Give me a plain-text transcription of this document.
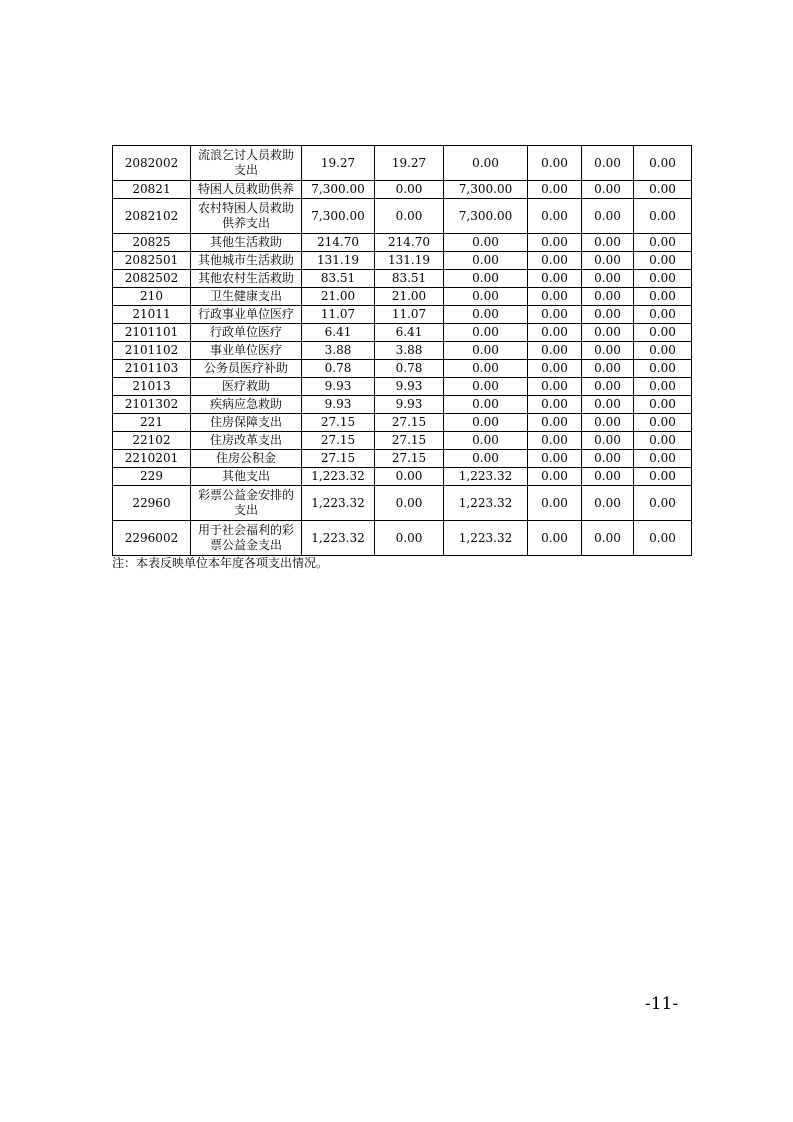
2082002	流浪乞讨人员救助支出	19.27	19.27	0.00	0.00	0.00	0.00
20821	特困人员救助供养	7,300.00	0.00	7,300.00	0.00	0.00	0.00
2082102	农村特困人员救助供养支出	7,300.00	0.00	7,300.00	0.00	0.00	0.00
20825	其他生活救助	214.70	214.70	0.00	0.00	0.00	0.00
2082501	其他城市生活救助	131.19	131.19	0.00	0.00	0.00	0.00
2082502	其他农村生活救助	83.51	83.51	0.00	0.00	0.00	0.00
210	卫生健康支出	21.00	21.00	0.00	0.00	0.00	0.00
21011	行政事业单位医疗	11.07	11.07	0.00	0.00	0.00	0.00
2101101	行政单位医疗	6.41	6.41	0.00	0.00	0.00	0.00
2101102	事业单位医疗	3.88	3.88	0.00	0.00	0.00	0.00
2101103	公务员医疗补助	0.78	0.78	0.00	0.00	0.00	0.00
21013	医疗救助	9.93	9.93	0.00	0.00	0.00	0.00
2101302	疾病应急救助	9.93	9.93	0.00	0.00	0.00	0.00
221	住房保障支出	27.15	27.15	0.00	0.00	0.00	0.00
22102	住房改革支出	27.15	27.15	0.00	0.00	0.00	0.00
2210201	住房公积金	27.15	27.15	0.00	0.00	0.00	0.00
229	其他支出	1,223.32	0.00	1,223.32	0.00	0.00	0.00
22960	彩票公益金安排的支出	1,223.32	0.00	1,223.32	0.00	0.00	0.00
2296002	用于社会福利的彩票公益金支出	1,223.32	0.00	1,223.32	0.00	0.00	0.00
注：本表反映单位本年度各项支出情况。
-11-
